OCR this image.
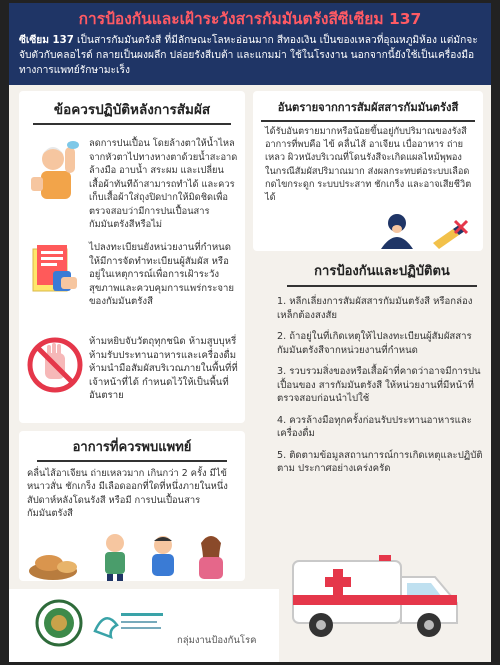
การป้องกันและเฝ้าระวังสารกัมมันตรังสีซีเซียม 137
ซีเซียม 137 เป็นสารกัมมันตรังสี ที่มีลักษณะโลหะอ่อนมาก สีทองเงิน เป็นของเหลวที่อุณหภูมิห้อง แต่มักจะจับตัวกับคลอไรด์ กลายเป็นผงผลึก ปล่อยรังสีเบต้า และแกมม่า ใช้ในโรงงาน นอกจากนี้ยังใช้เป็นเครื่องมือทางการแพทย์รักษามะเร็ง
ข้อควรปฏิบัติหลังการสัมผัส
ลดการปนเปื้อน โดยล้างตาให้น้ำไหลจากหัวตาไปทางหางตาด้วยน้ำสะอาด ล้างมือ อาบน้ำ สระผม และเปลี่ยนเสื้อผ้าทันทีถ้าสามารถทำได้ และควรเก็บเสื้อผ้าใส่ถุงปิดปากให้มิดชิดเพื่อตรวจสอบว่ามีการปนเปื้อนสารกัมมันตรังสีหรือไม่
ไปลงทะเบียนยังหน่วยงานที่กำหนดให้มีการจัดทำทะเบียนผู้สัมผัส หรืออยู่ในเหตุการณ์เพื่อการเฝ้าระวังสุขภาพและควบคุมการแพร่กระจายของกัมมันตรังสี
ห้ามหยิบจับวัตถุทุกชนิด ห้ามสูบบุหรี่ ห้ามรับประทานอาหารและเครื่องดื่ม ห้ามนำมือสัมผัสบริเวณภายในพื้นที่ที่เจ้าหน้าที่ได้ กำหนดไว้ให้เป็นพื้นที่อันตราย
อันตรายจากการสัมผัสสารกัมมันตรังสี
ได้รับอันตรายมากหรือน้อยขึ้นอยู่กับปริมาณของรังสี อาการที่พบคือ ไข้ คลื่นไส้ อาเจียน เบื่ออาหาร ถ่ายเหลว ผิวหนังบริเวณที่โดนรังสีจะเกิดแผลไหม้พุพอง ในกรณีสัมผัสปริมาณมาก ส่งผลกระทบต่อระบบเลือด กดไขกระดูก ระบบประสาท ชักเกร็ง และอาจเสียชีวิตได้
การป้องกันและปฏิบัติตน
1. หลีกเลี่ยงการสัมผัสสารกัมมันตรังสี หรือกล่องเหล็กต้องสงสัย
2. ถ้าอยู่ในที่เกิดเหตุให้ไปลงทะเบียนผู้สัมผัสสารกัมมันตรังสีจากหน่วยงานที่กำหนด
3. รวบรวมสิ่งของหรือเสื้อผ้าที่คาดว่าอาจมีการปนเปื้อนของ สารกัมมันตรังสี ให้หน่วยงานที่มีหน้าที่ตรวจสอบก่อนนำไปใช้
4. ควรล้างมือทุกครั้งก่อนรับประทานอาหารและเครื่องดื่ม
5. ติดตามข้อมูลสถานการณ์การเกิดเหตุและปฏิบัติตาม ประกาศอย่างเคร่งครัด
อาการที่ควรพบแพทย์
คลื่นไส้อาเจียน ถ่ายเหลวมาก เกินกว่า 2 ครั้ง มีไข้ หนาวสั่น ชักเกร็ง มีเลือดออกที่ใดที่หนึ่งภายในหนึ่งสัปดาห์หลังโดนรังสี หรือมี การปนเปื้อนสารกัมมันตรังสี
กลุ่มงานป้องกันโรค
